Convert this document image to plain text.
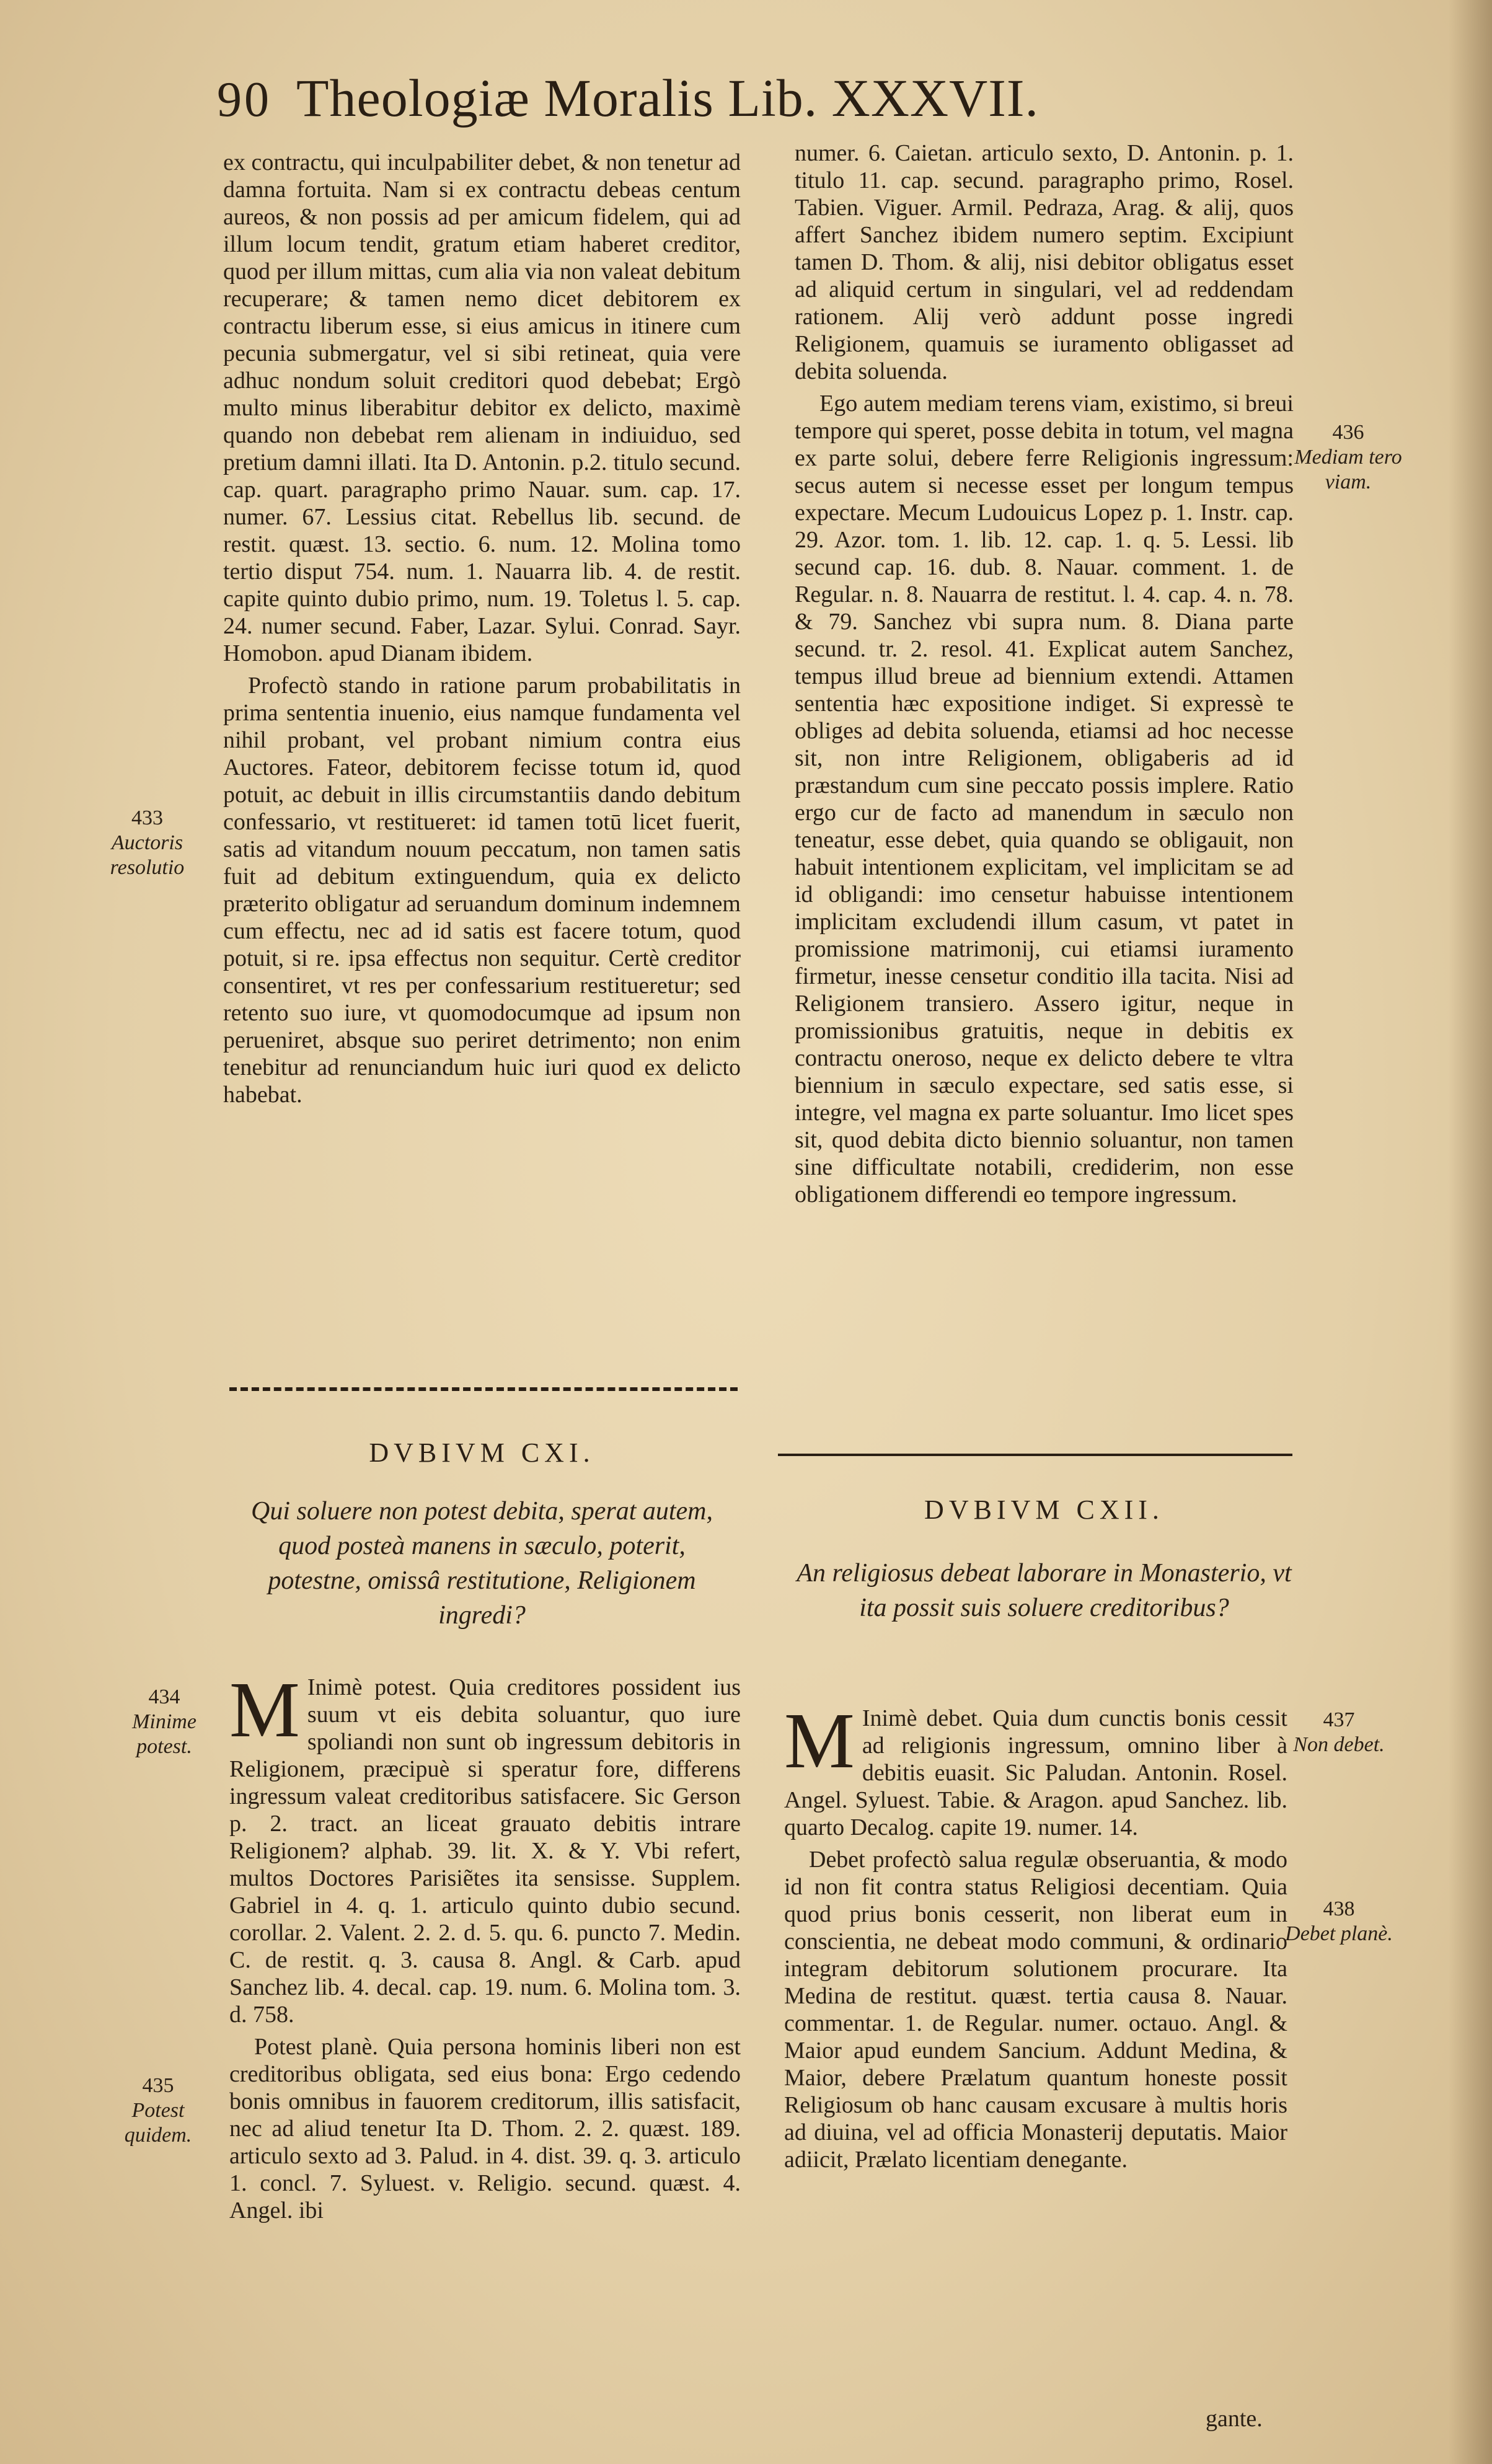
90 Theologiæ Moralis Lib. XXXVII.

ex contractu, qui inculpabiliter debet, & non tenetur ad damna fortuita. Nam si ex contractu debeas centum aureos, & non possis ad per amicum fidelem, qui ad illum locum tendit, gratum etiam haberet creditor, quod per illum mittas, cum alia via non valeat debitum recuperare; & tamen nemo dicet debitorem ex contractu liberum esse, si eius amicus in itinere cum pecunia submergatur, vel si sibi retineat, quia vere adhuc nondum soluit creditori quod debebat; Ergò multo minus liberabitur debitor ex delicto, maximè quando non debebat rem alienam in indiuiduo, sed pretium damni illati. Ita D. Antonin. p.2. titulo secund. cap. quart. paragrapho primo Nauar. sum. cap. 17. numer. 67. Lessius citat. Rebellus lib. secund. de restit. quæst. 13. sectio. 6. num. 12. Molina tomo tertio disput 754. num. 1. Nauarra lib. 4. de restit. capite quinto dubio primo, num. 19. Toletus l. 5. cap. 24. numer secund. Faber, Lazar. Sylui. Conrad. Sayr. Homobon. apud Dianam ibidem.

Profectò stando in ratione parum probabilitatis in prima sententia inuenio, eius namque fundamenta vel nihil probant, vel probant nimium contra eius Auctores. Fateor, debitorem fecisse totum id, quod potuit, ac debuit in illis circumstantiis dando debitum confessario, vt restitueret: id tamen totū licet fuerit, satis ad vitandum nouum peccatum, non tamen satis fuit ad debitum extinguendum, quia ex delicto præterito obligatur ad seruandum dominum indemnem cum effectu, nec ad id satis est facere totum, quod potuit, si re. ipsa effectus non sequitur. Certè creditor consentiret, vt res per confessarium restitueretur; sed retento suo iure, vt quomodocumque ad ipsum non perueniret, absque suo periret detrimento; non enim tenebitur ad renunciandum huic iuri quod ex delicto habebat.

DVBIVM CXI.
Qui soluere non potest debita, sperat autem, quod posteà manens in sæculo, poterit, potestne, omissâ restitutione, Religionem ingredi?

M Inimè potest. Quia creditores possident ius suum vt eis debita soluantur, quo iure spoliandi non sunt ob ingressum debitoris in Religionem, præcipuè si speratur fore, differens ingressum valeat creditoribus satisfacere. Sic Gerson p. 2. tract. an liceat grauato debitis intrare Religionem? alphab. 39. lit. X. & Y. Vbi refert, multos Doctores Parisiẽtes ita sensisse. Supplem. Gabriel in 4. q. 1. articulo quinto dubio secund. corollar. 2. Valent. 2. 2. d. 5. qu. 6. puncto 7. Medin. C. de restit. q. 3. causa 8. Angl. & Carb. apud Sanchez lib. 4. decal. cap. 19. num. 6. Molina tom. 3. d. 758.

Potest planè. Quia persona hominis liberi non est creditoribus obligata, sed eius bona: Ergo cedendo bonis omnibus in fauorem creditorum, illis satisfacit, nec ad aliud tenetur Ita D. Thom. 2. 2. quæst. 189. articulo sexto ad 3. Palud. in 4. dist. 39. q. 3. articulo 1. concl. 7. Syluest. v. Religio. secund. quæst. 4. Angel. ibi

numer. 6. Caietan. articulo sexto, D. Antonin. p. 1. titulo 11. cap. secund. paragrapho primo, Rosel. Tabien. Viguer. Armil. Pedraza, Arag. & alij, quos affert Sanchez ibidem numero septim. Excipiunt tamen D. Thom. & alij, nisi debitor obligatus esset ad aliquid certum in singulari, vel ad reddendam rationem. Alij verò addunt posse ingredi Religionem, quamuis se iuramento obligasset ad debita soluenda.

Ego autem mediam terens viam, existimo, si breui tempore qui speret, posse debita in totum, vel magna ex parte solui, debere ferre Religionis ingressum: secus autem si necesse esset per longum tempus expectare. Mecum Ludouicus Lopez p. 1. Instr. cap. 29. Azor. tom. 1. lib. 12. cap. 1. q. 5. Lessi. lib secund cap. 16. dub. 8. Nauar. comment. 1. de Regular. n. 8. Nauarra de restitut. l. 4. cap. 4. n. 78. & 79. Sanchez vbi supra num. 8. Diana parte secund. tr. 2. resol. 41. Explicat autem Sanchez, tempus illud breue ad biennium extendi. Attamen sententia hæc expositione indiget. Si expressè te obliges ad debita soluenda, etiamsi ad hoc necesse sit, non intre Religionem, obligaberis ad id præstandum cum sine peccato possis implere. Ratio ergo cur de facto ad manendum in sæculo non teneatur, esse debet, quia quando se obligauit, non habuit intentionem explicitam, vel implicitam se ad id obligandi: imo censetur habuisse intentionem implicitam excludendi illum casum, vt patet in promissione matrimonij, cui etiamsi iuramento firmetur, inesse censetur conditio illa tacita. Nisi ad Religionem transiero. Assero igitur, neque in promissionibus gratuitis, neque in debitis ex contractu oneroso, neque ex delicto debere te vltra biennium in sæculo expectare, sed satis esse, si integre, vel magna ex parte soluantur. Imo licet spes sit, quod debita dicto biennio soluantur, non tamen sine difficultate notabili, crediderim, non esse obligationem differendi eo tempore ingressum.

DVBIVM CXII.
An religiosus debeat laborare in Monasterio, vt ita possit suis soluere creditoribus?

M Inimè debet. Quia dum cunctis bonis cessit ad religionis ingressum, omnino liber à debitis euasit. Sic Paludan. Antonin. Rosel. Angel. Syluest. Tabie. & Aragon. apud Sanchez. lib. quarto Decalog. capite 19. numer. 14.

Debet profectò salua regulæ obseruantia, & modo id non fit contra status Religiosi decentiam. Quia quod prius bonis cesserit, non liberat eum in conscientia, ne debeat modo communi, & ordinario integram debitorum solutionem procurare. Ita Medina de restitut. quæst. tertia causa 8. Nauar. commentar. 1. de Regular. numer. octauo. Angl. & Maior apud eundem Sancium. Addunt Medina, & Maior, debere Prælatum quantum honeste possit Religiosum ob hanc causam excusare à multis horis ad diuina, vel ad officia Monasterij deputatis. Maior adiicit, Prælato licentiam denegante.

gante.
433
Auctoris resolutio
434
Minime potest.
435
Potest quidem.
436
Mediam tero viam.
437
Non debet.
438
Debet planè.
